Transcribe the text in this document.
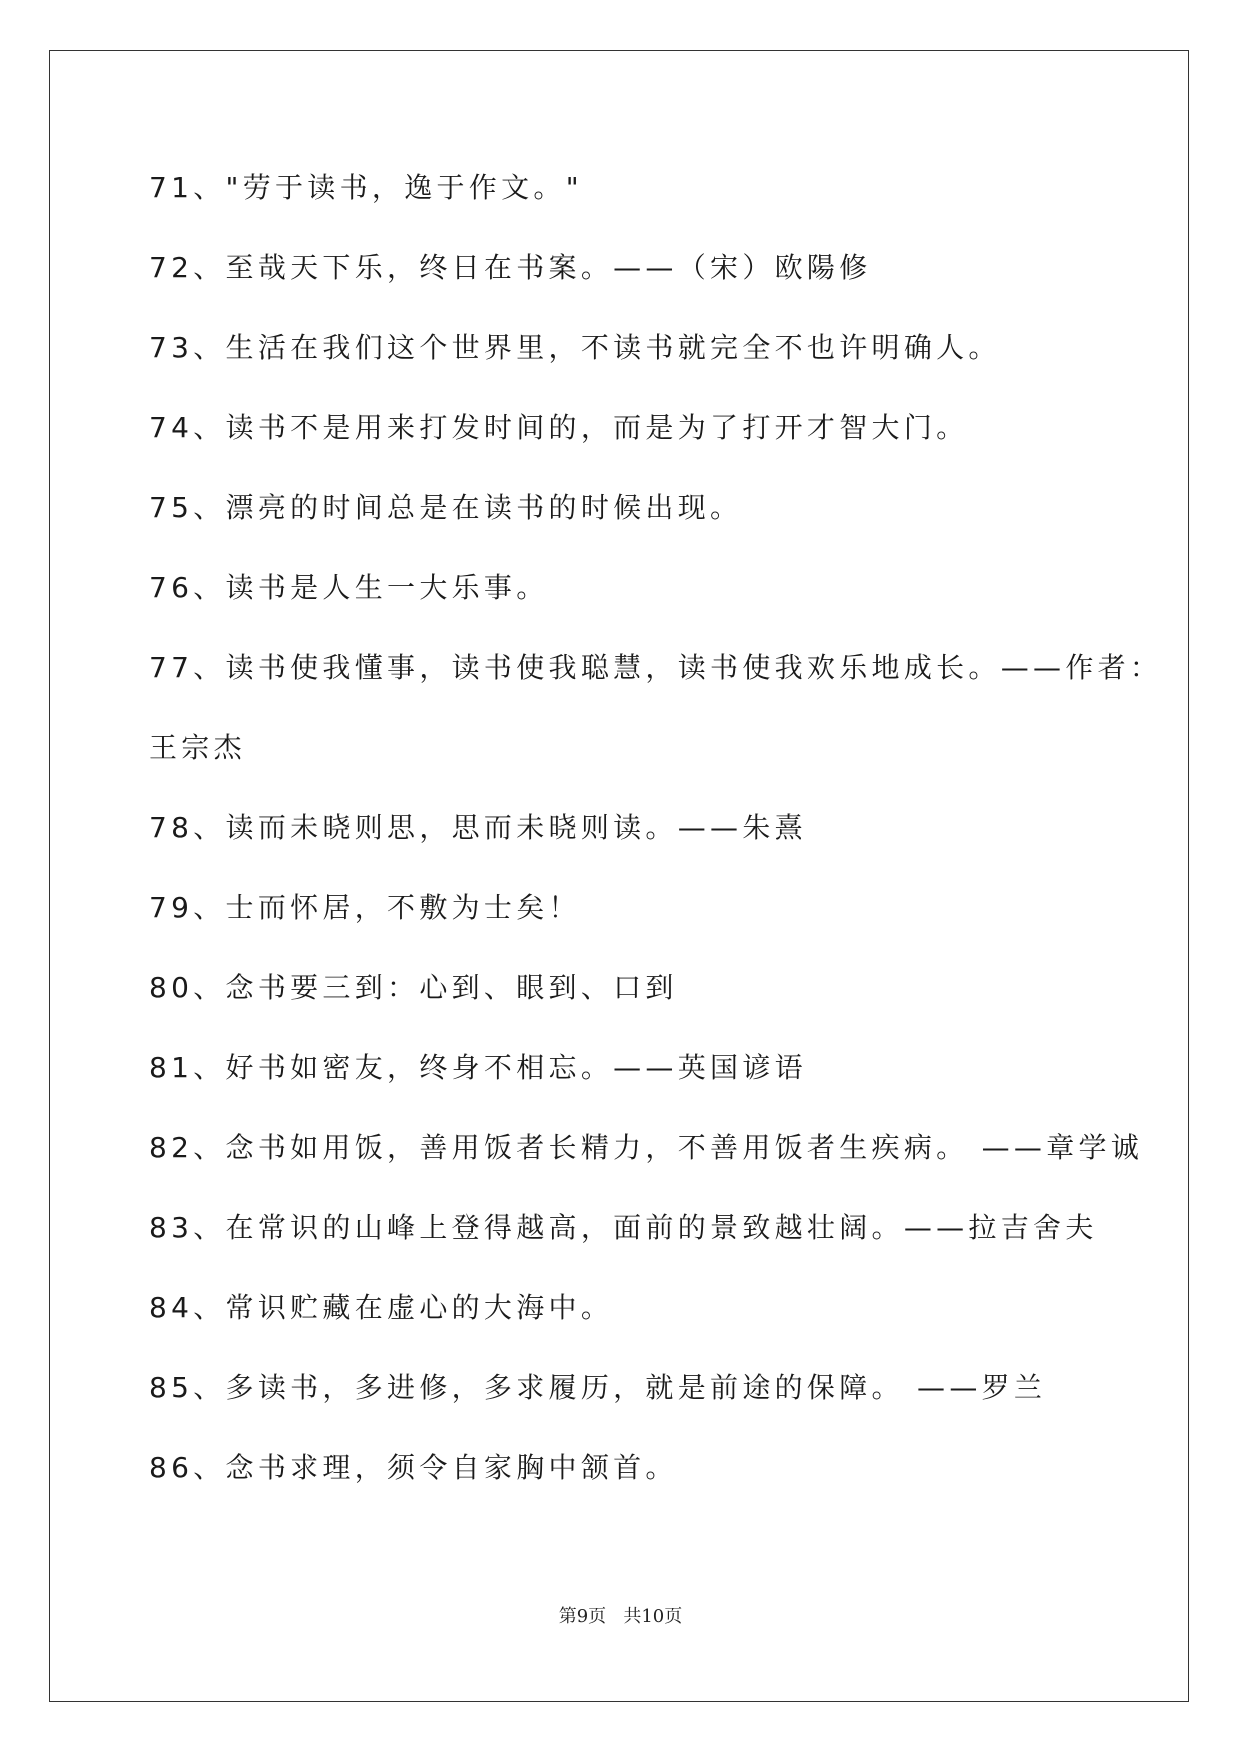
71、"劳于读书，逸于作文。"
72、至哉天下乐，终日在书案。——（宋）欧陽修
73、生活在我们这个世界里，不读书就完全不也许明确人。
74、读书不是用来打发时间的，而是为了打开才智大门。
75、漂亮的时间总是在读书的时候出现。
76、读书是人生一大乐事。
77、读书使我懂事，读书使我聪慧，读书使我欢乐地成长。——作者：
王宗杰
78、读而未晓则思，思而未晓则读。——朱熹
79、士而怀居，不敷为士矣！
80、念书要三到：心到、眼到、口到
81、好书如密友，终身不相忘。——英国谚语
82、念书如用饭，善用饭者长精力，不善用饭者生疾病。 ——章学诚
83、在常识的山峰上登得越高，面前的景致越壮阔。——拉吉舍夫
84、常识贮藏在虚心的大海中。
85、多读书，多进修，多求履历，就是前途的保障。 ——罗兰
86、念书求理，须令自家胸中颔首。
第9页   共10页
